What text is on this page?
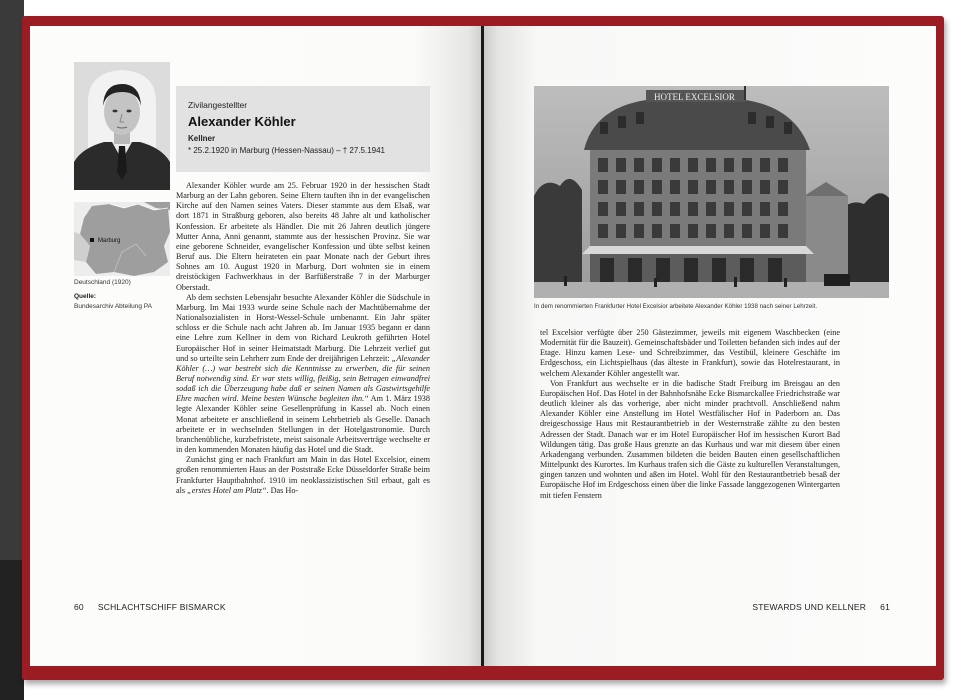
Zivilangestellter
Alexander Köhler
Kellner
* 25.2.1920 in Marburg (Hessen-Nassau) – † 27.5.1941
Marburg
Deutschland (1920)
Quelle:
Bundesarchiv Abteilung PA

Alexander Köhler wurde am 25. Februar 1920 in der hessischen Stadt Marburg an der Lahn geboren. Seine Eltern tauften ihn in der evangelischen Kirche auf den Namen seines Vaters. Dieser stammte aus dem Elsaß, war dort 1871 in Straßburg geboren, also bereits 48 Jahre alt und katholischer Konfession. Er arbeitete als Händler. Die mit 26 Jahren deutlich jüngere Mutter Anna, Anni genannt, stammte aus der hessischen Provinz. Sie war eine geborene Schneider, evangelischer Konfession und übte selbst keinen Beruf aus. Die Eltern heirateten ein paar Monate nach der Geburt ihres Sohnes am 10. August 1920 in Marburg. Dort wohnten sie in einem dreistöckigen Fachwerkhaus in der Barfüßerstraße 7 in der Marburger Oberstadt.

Ab dem sechsten Lebensjahr besuchte Alexander Köhler die Südschule in Marburg. Im Mai 1933 wurde seine Schule nach der Machtübernahme der Nationalsozialisten in Horst-Wessel-Schule umbenannt. Ein Jahr später schloss er die Schule nach acht Jahren ab. Im Januar 1935 begann er dann eine Lehre zum Kellner in dem von Richard Leukroth geführten Hotel Europäischer Hof in seiner Heimatstadt Marburg. Die Lehrzeit verlief gut und so urteilte sein Lehrherr zum Ende der dreijährigen Lehrzeit: „Alexander Köhler (…) war bestrebt sich die Kenntnisse zu erwerben, die für seinen Beruf notwendig sind. Er war stets willig, fleißig, sein Betragen einwandfrei sodaß ich die Überzeugung habe daß er seinen Namen als Gastwirtsgehilfe Ehre machen wird. Meine besten Wünsche begleiten ihn.“ Am 1. März 1938 legte Alexander Köhler seine Gesellenprüfung in Kassel ab. Noch einen Monat arbeitete er anschließend in seinem Lehrbetrieb als Geselle. Danach arbeitete er in wechselnden Stellungen in der Hotelgastronomie. Durch branchenübliche, kurzbefristete, meist saisonale Arbeitsverträge wechselte er in den kommenden Monaten häufig das Hotel und die Stadt.

Zunächst ging er nach Frankfurt am Main in das Hotel Excelsior, einem großen renommierten Haus an der Poststraße Ecke Düsseldorfer Straße beim Frankfurter Hauptbahnhof. 1910 im neoklassizistischen Stil erbaut, galt es als „erstes Hotel am Platz“. Das Ho-

60 SCHLACHTSCHIFF BISMARCK
HOTEL EXCELSIOR
In dem renommierten Frankfurter Hotel Excelsior arbeitete Alexander Köhler 1938 nach seiner Lehrzeit.

tel Excelsior verfügte über 250 Gästezimmer, jeweils mit eigenem Waschbecken (eine Modernität für die Bauzeit). Gemeinschaftsbäder und Toiletten befanden sich indes auf der Etage. Hinzu kamen Lese- und Schreibzimmer, das Vestibül, kleinere Geschäfte im Erdgeschoss, ein Lichtspielhaus (das älteste in Frankfurt), sowie das Hotelrestaurant, in welchem Alexander Köhler angestellt war.

Von Frankfurt aus wechselte er in die badische Stadt Freiburg im Breisgau an den Europäischen Hof. Das Hotel in der Bahnhofsnähe Ecke Bismarckallee Friedrichstraße war deutlich kleiner als das vorherige, aber nicht minder prachtvoll. Anschließend nahm Alexander Köhler eine Anstellung im Hotel Westfälischer Hof in Paderborn an. Das dreigeschossige Haus mit Restaurantbetrieb in der Westernstraße zählte zu den besten Adressen der Stadt. Danach war er im Hotel Europäischer Hof im hessischen Kurort Bad Wildungen tätig. Das große Haus grenzte an das Kurhaus und war mit diesem über einen Arkadengang verbunden. Zusammen bildeten die beiden Bauten einen gesellschaftlichen Mittelpunkt des Kurortes. Im Kurhaus trafen sich die Gäste zu kulturellen Veranstaltungen, gingen tanzen und wohnten und aßen im Hotel. Wohl für den Restaurantbetrieb besaß der Europäische Hof im Erdgeschoss einen über die linke Fassade langgezogenen Wintergarten mit tiefen Fenstern

STEWARDS UND KELLNER 61
